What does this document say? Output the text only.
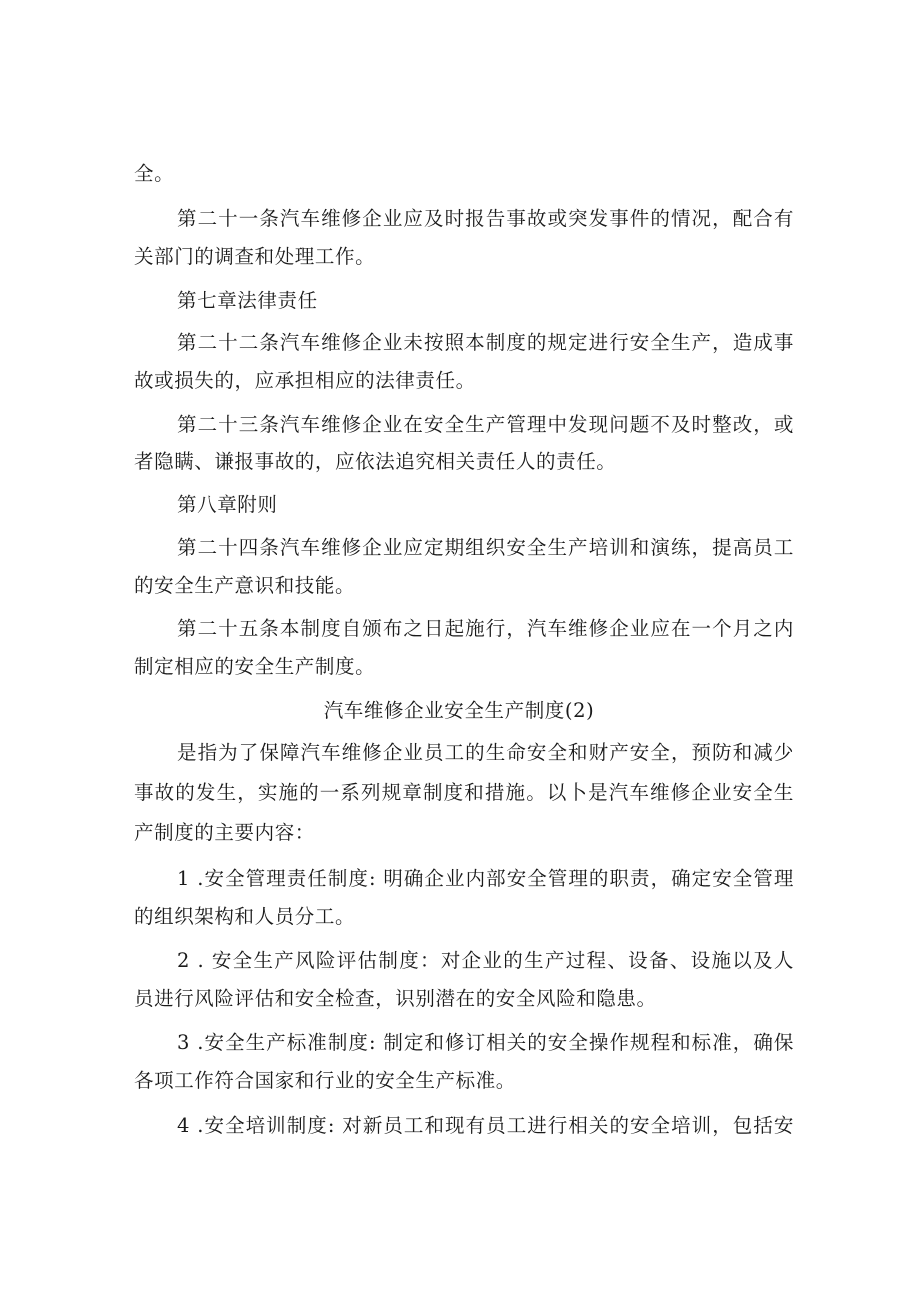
全。
第二十一条汽车维修企业应及时报告事故或突发事件的情况，配合有
关部门的调查和处理工作。
第七章法律责任
第二十二条汽车维修企业未按照本制度的规定进行安全生产，造成事
故或损失的，应承担相应的法律责任。
第二十三条汽车维修企业在安全生产管理中发现问题不及时整改，或
者隐瞒、谦报事故的，应依法追究相关责任人的责任。
第八章附则
第二十四条汽车维修企业应定期组织安全生产培训和演练，提高员工
的安全生产意识和技能。
第二十五条本制度自颁布之日起施行，汽车维修企业应在一个月之内
制定相应的安全生产制度。
汽车维修企业安全生产制度(2)
是指为了保障汽车维修企业员工的生命安全和财产安全，预防和减少
事故的发生，实施的一系列规章制度和措施。以卜是汽车维修企业安全生
产制度的主要内容：
1 .安全管理责任制度: 明确企业内部安全管理的职责，确定安全管理
的组织架构和人员分工。
2 . 安全生产风险评估制度：对企业的生产过程、设备、设施以及人
员进行风险评估和安全检查，识别潜在的安全风险和隐患。
3 .安全生产标准制度: 制定和修订相关的安全操作规程和标准，确保
各项工作符合国家和行业的安全生产标准。
4 .安全培训制度: 对新员工和现有员工进行相关的安全培训，包括安
